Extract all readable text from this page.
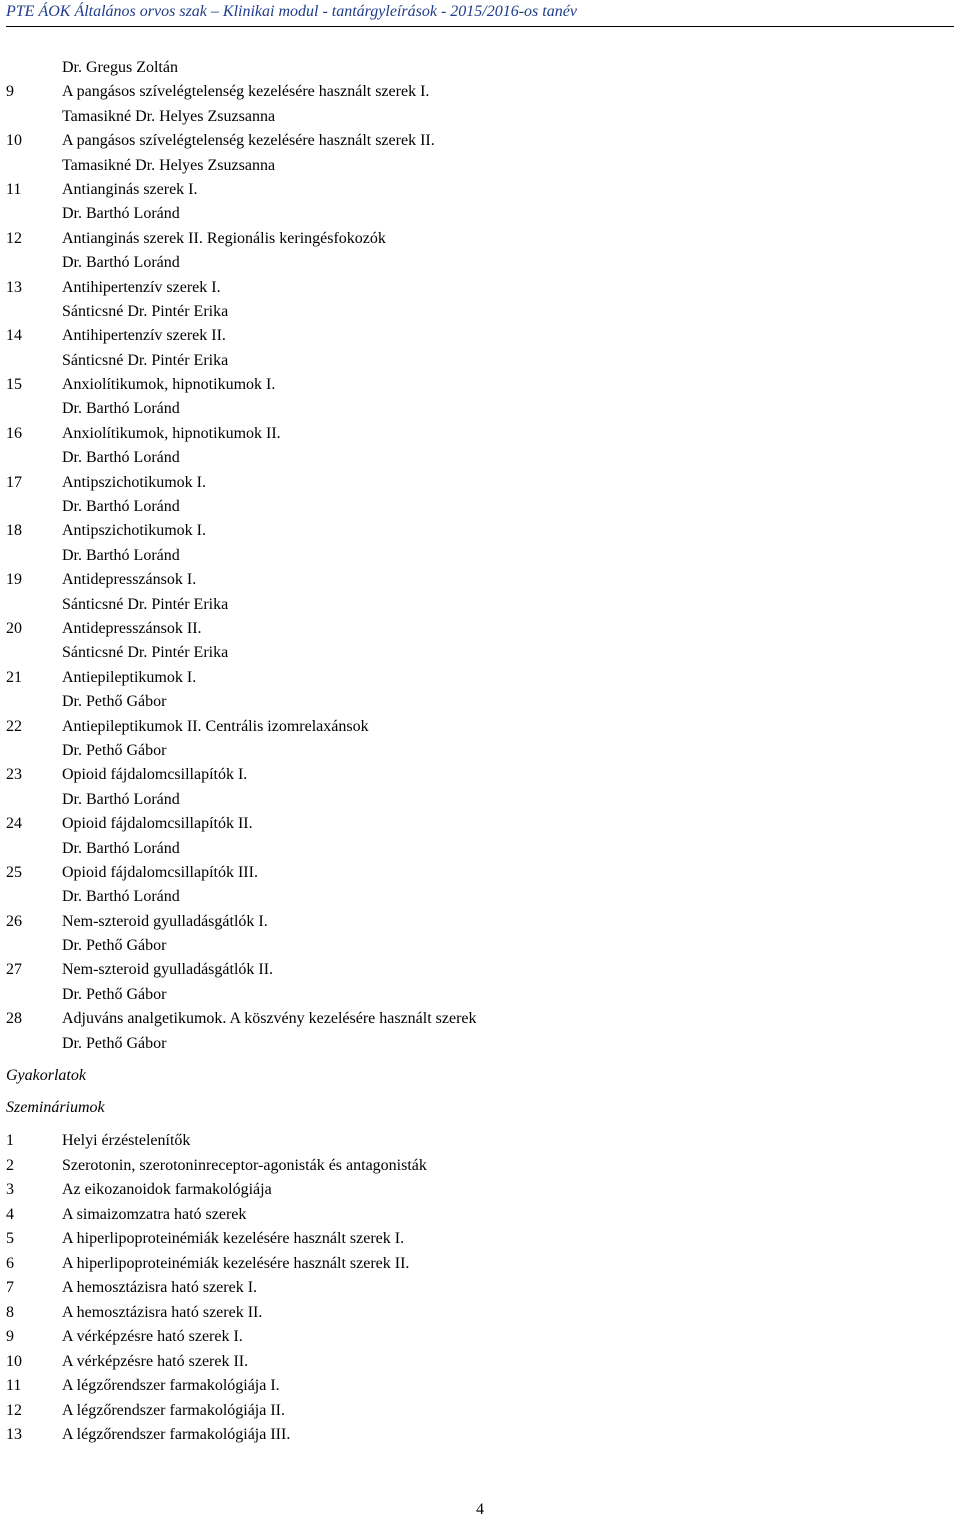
PTE ÁOK Általános orvos szak – Klinikai modul - tantárgyleírások - 2015/2016-os tanév
Dr. Gregus Zoltán
9	A pangásos szívelégtelenség kezelésére használt szerek I.
Tamasikné Dr. Helyes Zsuzsanna
10	A pangásos szívelégtelenség kezelésére használt szerek II.
Tamasikné Dr. Helyes Zsuzsanna
11	Antianginás szerek I.
Dr. Barthó Loránd
12	Antianginás szerek II. Regionális keringésfokozók
Dr. Barthó Loránd
13	Antihipertenzív szerek I.
Sánticsné Dr. Pintér Erika
14	Antihipertenzív szerek II.
Sánticsné Dr. Pintér Erika
15	Anxiolítikumok, hipnotikumok I.
Dr. Barthó Loránd
16	Anxiolítikumok, hipnotikumok II.
Dr. Barthó Loránd
17	Antipszichotikumok I.
Dr. Barthó Loránd
18	Antipszichotikumok I.
Dr. Barthó Loránd
19	Antidepresszánsok I.
Sánticsné Dr. Pintér Erika
20	Antidepresszánsok II.
Sánticsné Dr. Pintér Erika
21	Antiepileptikumok I.
Dr. Pethő Gábor
22	Antiepileptikumok II. Centrális izomrelaxánsok
Dr. Pethő Gábor
23	Opioid fájdalomcsillapítók I.
Dr. Barthó Loránd
24	Opioid fájdalomcsillapítók II.
Dr. Barthó Loránd
25	Opioid fájdalomcsillapítók III.
Dr. Barthó Loránd
26	Nem-szteroid gyulladásgátlók I.
Dr. Pethő Gábor
27	Nem-szteroid gyulladásgátlók II.
Dr. Pethő Gábor
28	Adjuváns analgetikumok. A köszvény kezelésére használt szerek
Dr. Pethő Gábor
Gyakorlatok
Szemináriumok
1	Helyi érzéstelenítők
2	Szerotonin, szerotoninreceptor-agonisták és antagonisták
3	Az eikozanoidok farmakológiája
4	A simaizomzatra ható szerek
5	A hiperlipoproteinémiák kezelésére használt szerek I.
6	A hiperlipoproteinémiák kezelésére használt szerek II.
7	A hemosztázisra ható szerek I.
8	A hemosztázisra ható szerek II.
9	A vérképzésre ható szerek I.
10	A vérképzésre ható szerek II.
11	A légzőrendszer farmakológiája I.
12	A légzőrendszer farmakológiája II.
13	A légzőrendszer farmakológiája III.
4
